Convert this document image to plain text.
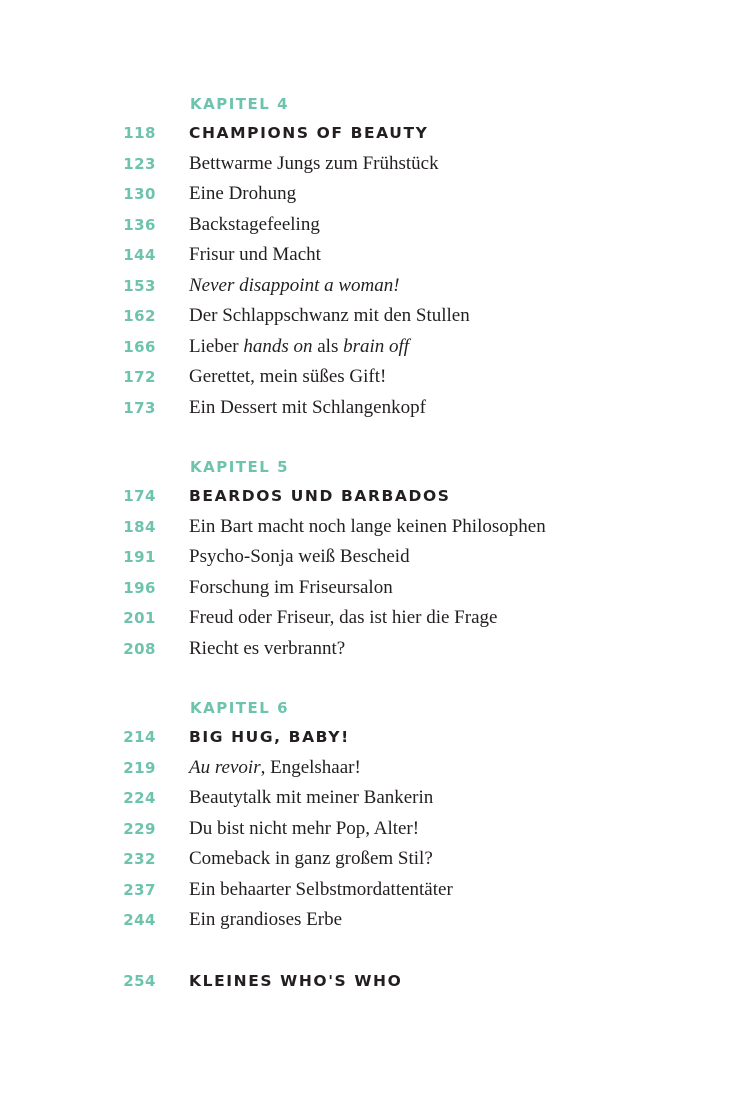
KAPITEL 4
118 CHAMPIONS OF BEAUTY
123 Bettwarme Jungs zum Frühstück
130 Eine Drohung
136 Backstagefeeling
144 Frisur und Macht
153 Never disappoint a woman!
162 Der Schlappschwanz mit den Stullen
166 Lieber hands on als brain off
172 Gerettet, mein süßes Gift!
173 Ein Dessert mit Schlangenkopf
KAPITEL 5
174 BEARDOS UND BARBADOS
184 Ein Bart macht noch lange keinen Philosophen
191 Psycho-Sonja weiß Bescheid
196 Forschung im Friseursalon
201 Freud oder Friseur, das ist hier die Frage
208 Riecht es verbrannt?
KAPITEL 6
214 BIG HUG, BABY!
219 Au revoir, Engelshaar!
224 Beautytalk mit meiner Bankerin
229 Du bist nicht mehr Pop, Alter!
232 Comeback in ganz großem Stil?
237 Ein behaarter Selbstmordattentäter
244 Ein grandioses Erbe
254 KLEINES WHO'S WHO
